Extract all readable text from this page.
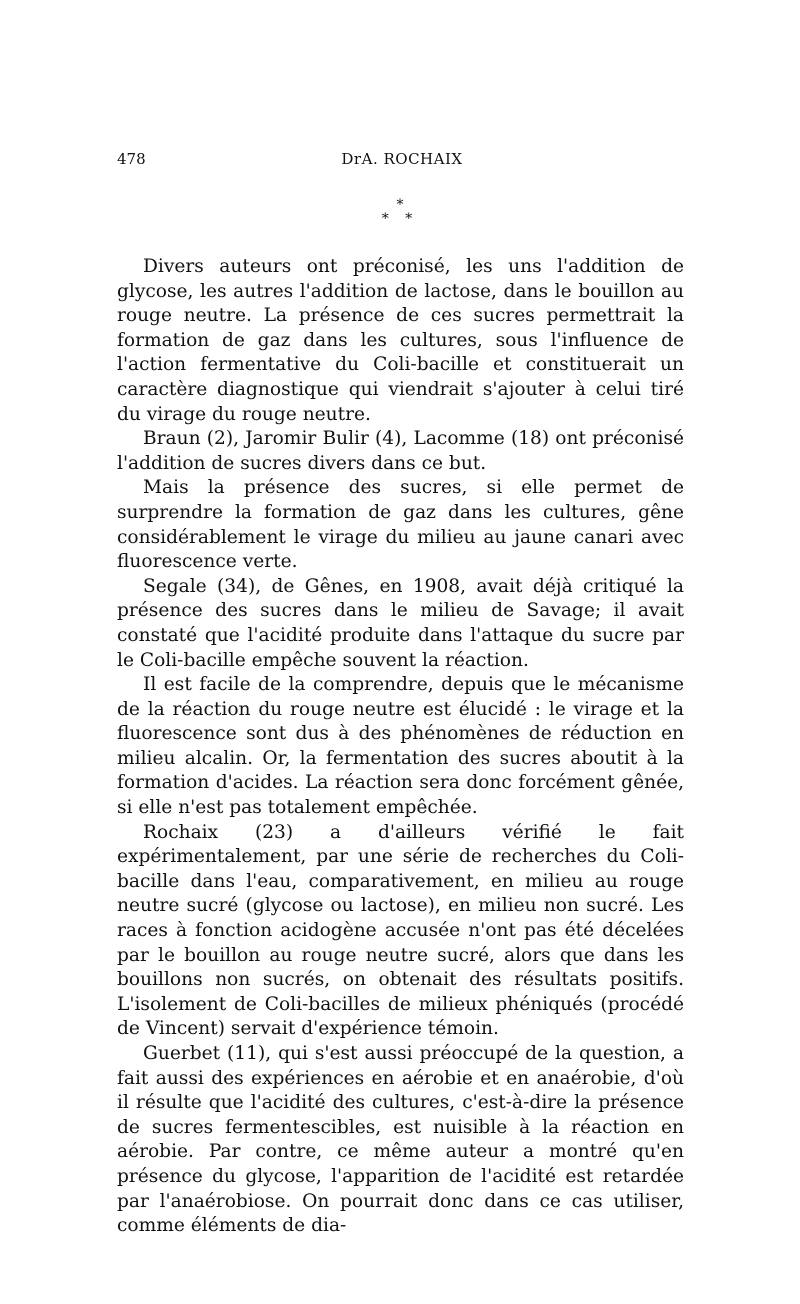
478	DrA. ROCHAIX
*
* *

Divers auteurs ont préconisé, les uns l'addition de glycose, les autres l'addition de lactose, dans le bouillon au rouge neutre. La présence de ces sucres permettrait la formation de gaz dans les cultures, sous l'influence de l'action fermentative du Coli-bacille et constituerait un caractère diagnostique qui viendrait s'ajouter à celui tiré du virage du rouge neutre.

Braun (2), Jaromir Bulir (4), Lacomme (18) ont préconisé l'addition de sucres divers dans ce but.

Mais la présence des sucres, si elle permet de surprendre la formation de gaz dans les cultures, gêne considérablement le virage du milieu au jaune canari avec fluorescence verte.

Segale (34), de Gênes, en 1908, avait déjà critiqué la présence des sucres dans le milieu de Savage; il avait constaté que l'acidité produite dans l'attaque du sucre par le Coli-bacille empêche souvent la réaction.

Il est facile de la comprendre, depuis que le mécanisme de la réaction du rouge neutre est élucidé : le virage et la fluorescence sont dus à des phénomènes de réduction en milieu alcalin. Or, la fermentation des sucres aboutit à la formation d'acides. La réaction sera donc forcément gênée, si elle n'est pas totalement empêchée.

Rochaix (23) a d'ailleurs vérifié le fait expérimentalement, par une série de recherches du Coli-bacille dans l'eau, comparativement, en milieu au rouge neutre sucré (glycose ou lactose), en milieu non sucré. Les races à fonction acidogène accusée n'ont pas été décelées par le bouillon au rouge neutre sucré, alors que dans les bouillons non sucrés, on obtenait des résultats positifs. L'isolement de Coli-bacilles de milieux phéniqués (procédé de Vincent) servait d'expérience témoin.

Guerbet (11), qui s'est aussi préoccupé de la question, a fait aussi des expériences en aérobie et en anaérobie, d'où il résulte que l'acidité des cultures, c'est-à-dire la présence de sucres fermentescibles, est nuisible à la réaction en aérobie. Par contre, ce même auteur a montré qu'en présence du glycose, l'apparition de l'acidité est retardée par l'anaérobiose. On pourrait donc dans ce cas utiliser, comme éléments de dia-
